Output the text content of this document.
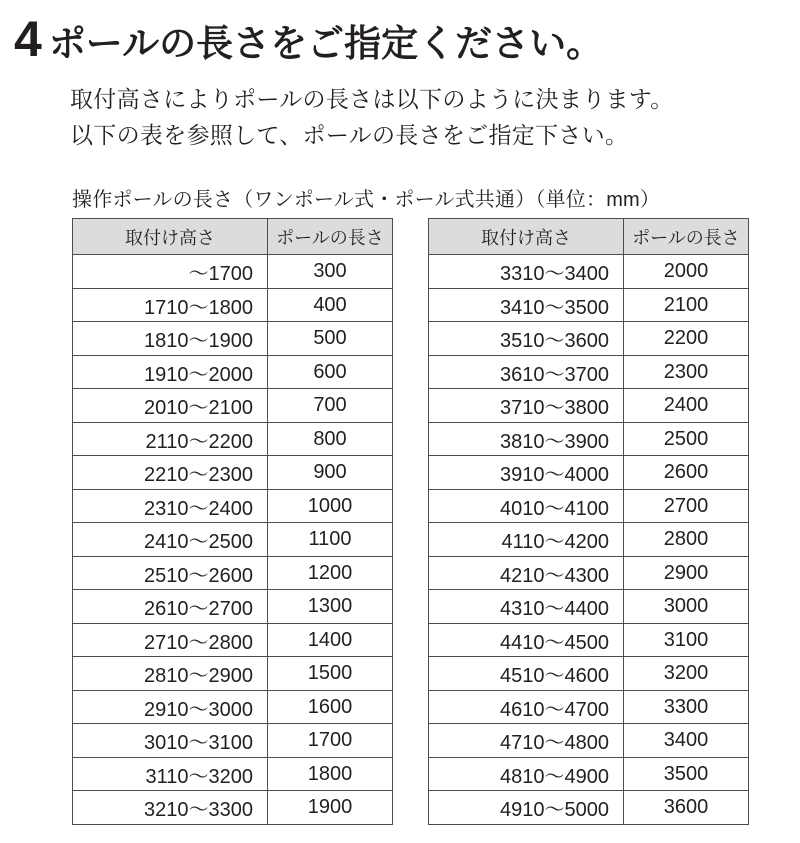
4 ポールの長さをご指定ください。
取付高さによりポールの長さは以下のように決まります。
以下の表を参照して、ポールの長さをご指定下さい。
操作ポールの長さ（ワンポール式・ポール式共通）（単位：mm）
取付け高さ	ポールの長さ
～1700	300
1710～1800	400
1810～1900	500
1910～2000	600
2010～2100	700
2110～2200	800
2210～2300	900
2310～2400	1000
2410～2500	1100
2510～2600	1200
2610～2700	1300
2710～2800	1400
2810～2900	1500
2910～3000	1600
3010～3100	1700
3110～3200	1800
3210～3300	1900
取付け高さ	ポールの長さ
3310～3400	2000
3410～3500	2100
3510～3600	2200
3610～3700	2300
3710～3800	2400
3810～3900	2500
3910～4000	2600
4010～4100	2700
4110～4200	2800
4210～4300	2900
4310～4400	3000
4410～4500	3100
4510～4600	3200
4610～4700	3300
4710～4800	3400
4810～4900	3500
4910～5000	3600
